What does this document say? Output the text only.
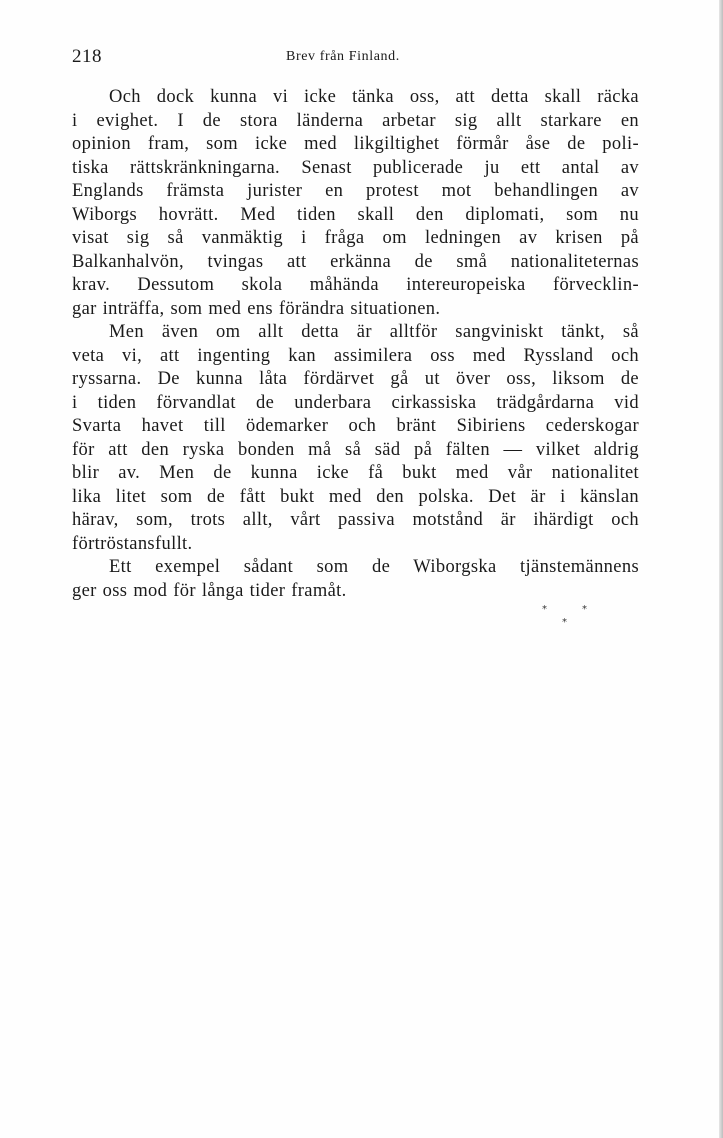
218	Brev från Finland.
Och dock kunna vi icke tänka oss, att detta skall räcka
i evighet. I de stora länderna arbetar sig allt starkare en
opinion fram, som icke med likgiltighet förmår åse de poli-
tiska rättskränkningarna. Senast publicerade ju ett antal av
Englands främsta jurister en protest mot behandlingen av
Wiborgs hovrätt. Med tiden skall den diplomati, som nu
visat sig så vanmäktig i fråga om ledningen av krisen på
Balkanhalvön, tvingas att erkänna de små nationaliteternas
krav. Dessutom skola måhända intereuropeiska förvecklin-
gar inträffa, som med ens förändra situationen.
Men även om allt detta är alltför sangviniskt tänkt, så
veta vi, att ingenting kan assimilera oss med Ryssland och
ryssarna. De kunna låta fördärvet gå ut över oss, liksom de
i tiden förvandlat de underbara cirkassiska trädgårdarna vid
Svarta havet till ödemarker och bränt Sibiriens cederskogar
för att den ryska bonden må så säd på fälten — vilket aldrig
blir av. Men de kunna icke få bukt med vår nationalitet
lika litet som de fått bukt med den polska. Det är i känslan
härav, som, trots allt, vårt passiva motstånd är ihärdigt och
förtröstansfullt.
Ett exempel sådant som de Wiborgska tjänstemännens
ger oss mod för långa tider framåt.
*	*
*
